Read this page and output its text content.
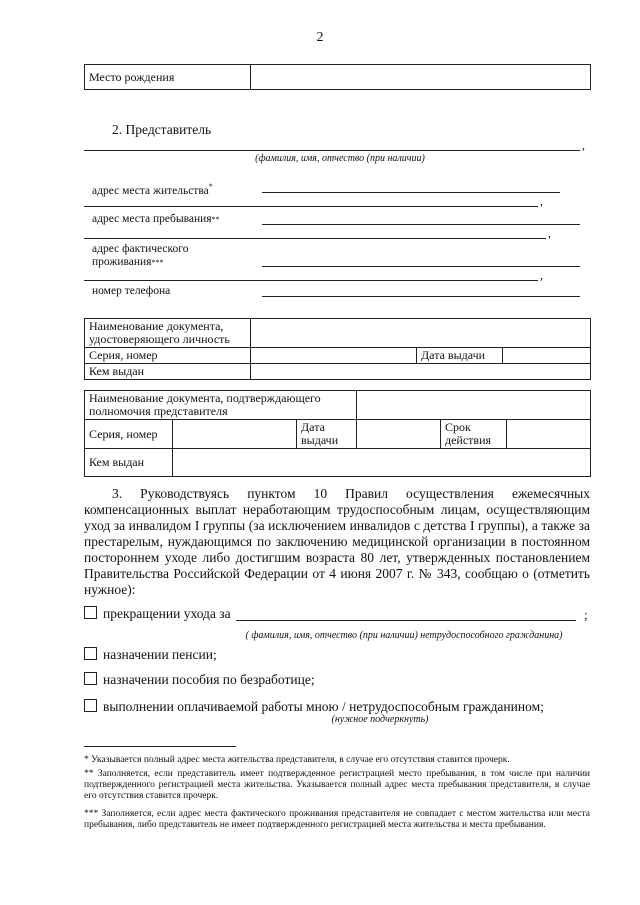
2
Место рождения	
2. Представитель
,
(фамилия, имя, отчество (при наличии)
адрес места жительства*
,
адрес места пребывания**
,
адрес фактического
проживания***
,
номер телефона
Наименование документа, удостоверяющего личность			
Серия, номер		Дата выдачи	
Кем выдан			
Наименование документа, подтверждающего полномочия представителя					
Серия, номер		Дата выдачи		Срок действия	
Кем выдан					
3. Руководствуясь пунктом 10 Правил осуществления ежемесячных компенсационных выплат неработающим трудоспособным лицам, осуществляющим уход за инвалидом I группы (за исключением инвалидов с детства I группы), а также за престарелым, нуждающимся по заключению медицинской организации в постоянном постороннем уходе либо достигшим возраста 80 лет, утвержденных постановлением Правительства Российской Федерации от 4 июня 2007 г. № 343, сообщаю о (отметить нужное):
прекращении ухода за	;
( фамилия, имя, отчество (при наличии) нетрудоспособного гражданина)
назначении пенсии;
назначении пособия по безработице;
выполнении оплачиваемой работы мною / нетрудоспособным гражданином;
(нужное подчеркнуть)
* Указывается полный адрес места жительства представителя, в случае его отсутствия ставится прочерк.
** Заполняется, если представитель имеет подтвержденное регистрацией место пребывания, в том числе при наличии подтвержденного регистрацией места жительства. Указывается полный адрес места пребывания представителя, в случае его отсутствия ставится прочерк.
*** Заполняется, если адрес места фактического проживания представителя не совпадает с местом жительства или места пребывания, либо представитель не имеет подтвержденного регистрацией места жительства и места пребывания.
